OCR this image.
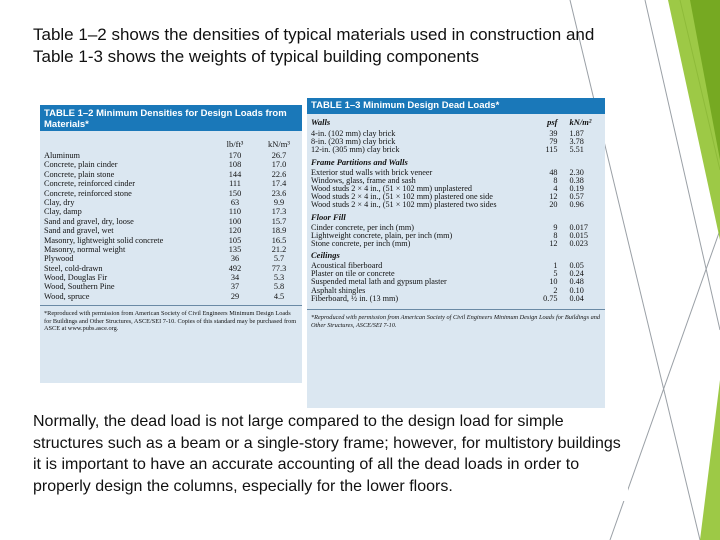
Table 1–2 shows the densities of typical materials used in construction and Table 1-3 shows the weights of typical building components
TABLE 1–2 Minimum Densities for Design Loads from Materials*
lb/ft³	kN/m³
Aluminum	170	26.7
Concrete, plain cinder	108	17.0
Concrete, plain stone	144	22.6
Concrete, reinforced cinder	111	17.4
Concrete, reinforced stone	150	23.6
Clay, dry	63	9.9
Clay, damp	110	17.3
Sand and gravel, dry, loose	100	15.7
Sand and gravel, wet	120	18.9
Masonry, lightweight solid concrete	105	16.5
Masonry, normal weight	135	21.2
Plywood	36	5.7
Steel, cold-drawn	492	77.3
Wood, Douglas Fir	34	5.3
Wood, Southern Pine	37	5.8
Wood, spruce	29	4.5
*Reproduced with permission from American Society of Civil Engineers Minimum Design Loads for Buildings and Other Structures, ASCE/SEI 7-10. Copies of this standard may be purchased from ASCE at www.pubs.asce.org.
TABLE 1–3 Minimum Design Dead Loads*
Walls	psf	kN/m²
4-in. (102 mm) clay brick	39	1.87
8-in. (203 mm) clay brick	79	3.78
12-in. (305 mm) clay brick	115	5.51
Frame Partitions and Walls
Exterior stud walls with brick veneer	48	2.30
Windows, glass, frame and sash	8	0.38
Wood studs 2 × 4 in., (51 × 102 mm) unplastered	4	0.19
Wood studs 2 × 4 in., (51 × 102 mm) plastered one side	12	0.57
Wood studs 2 × 4 in., (51 × 102 mm) plastered two sides	20	0.96
Floor Fill
Cinder concrete, per inch (mm)	9	0.017
Lightweight concrete, plain, per inch (mm)	8	0.015
Stone concrete, per inch (mm)	12	0.023
Ceilings
Acoustical fiberboard	1	0.05
Plaster on tile or concrete	5	0.24
Suspended metal lath and gypsum plaster	10	0.48
Asphalt shingles	2	0.10
Fiberboard, ½ in. (13 mm)	0.75	0.04
*Reproduced with permission from American Society of Civil Engineers Minimum Design Loads for Buildings and Other Structures, ASCE/SEI 7-10.
Normally, the dead load is not large compared to the design load for simple structures such as a beam or a single-story frame; however, for multistory buildings it is important to have an accurate accounting of all the dead loads in order to properly design the columns, especially for the lower floors.
